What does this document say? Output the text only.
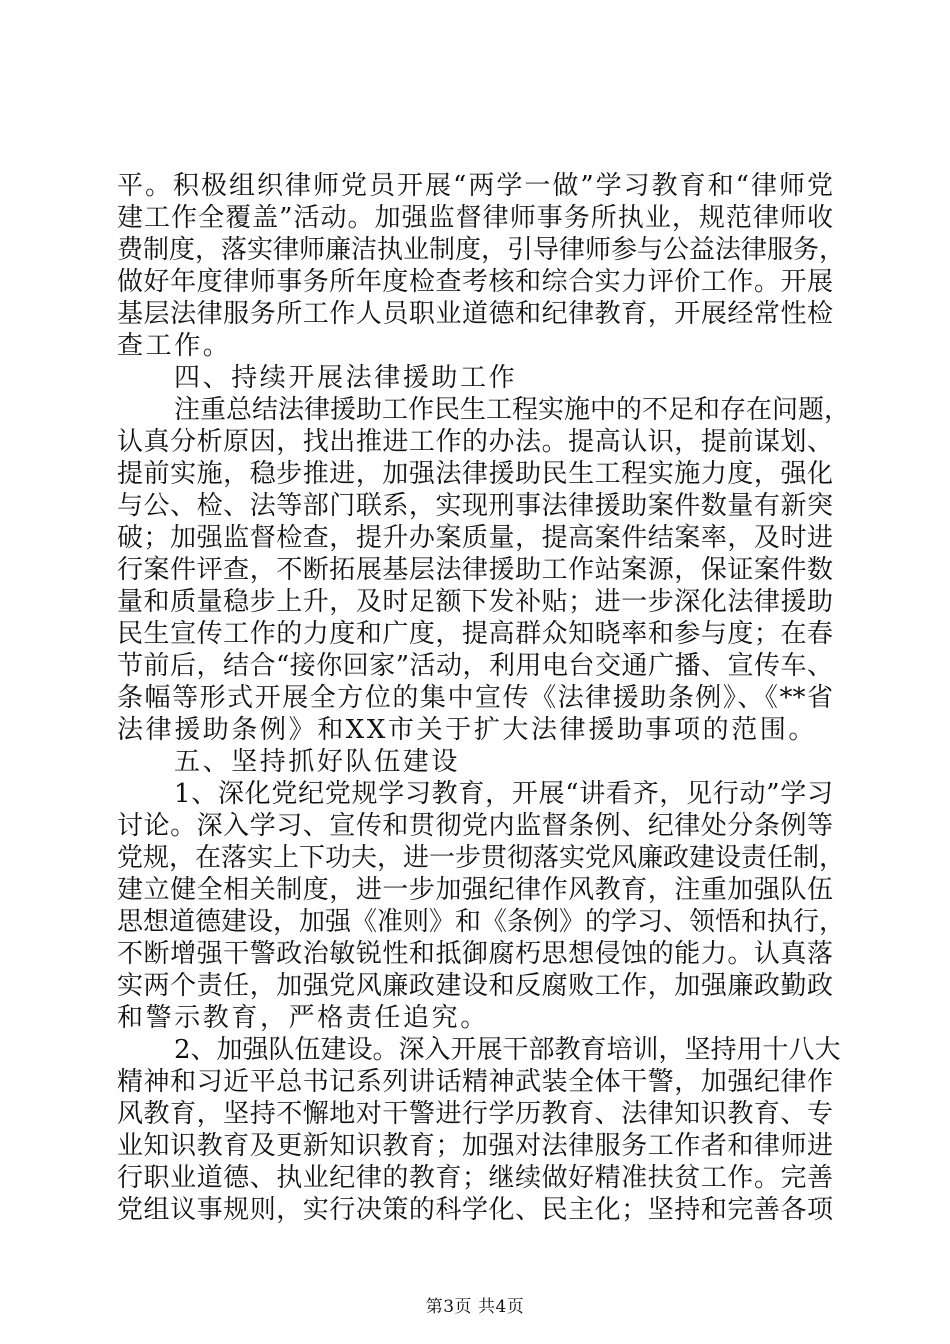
平。积极组织律师党员开展“两学一做”学习教育和“律师党
建工作全覆盖”活动。加强监督律师事务所执业，规范律师收
费制度，落实律师廉洁执业制度，引导律师参与公益法律服务，
做好年度律师事务所年度检查考核和综合实力评价工作。开展
基层法律服务所工作人员职业道德和纪律教育，开展经常性检
查工作。
四、持续开展法律援助工作
注重总结法律援助工作民生工程实施中的不足和存在问题，
认真分析原因，找出推进工作的办法。提高认识，提前谋划、
提前实施，稳步推进，加强法律援助民生工程实施力度，强化
与公、检、法等部门联系，实现刑事法律援助案件数量有新突
破；加强监督检查，提升办案质量，提高案件结案率，及时进
行案件评查，不断拓展基层法律援助工作站案源，保证案件数
量和质量稳步上升，及时足额下发补贴；进一步深化法律援助
民生宣传工作的力度和广度，提高群众知晓率和参与度；在春
节前后，结合“接你回家”活动，利用电台交通广播、宣传车、
条幅等形式开展全方位的集中宣传《法律援助条例》、《**省
法律援助条例》和XX市关于扩大法律援助事项的范围。
五、坚持抓好队伍建设
1、深化党纪党规学习教育，开展“讲看齐，见行动”学习
讨论。深入学习、宣传和贯彻党内监督条例、纪律处分条例等
党规，在落实上下功夫，进一步贯彻落实党风廉政建设责任制，
建立健全相关制度，进一步加强纪律作风教育，注重加强队伍
思想道德建设，加强《准则》和《条例》的学习、领悟和执行，
不断增强干警政治敏锐性和抵御腐朽思想侵蚀的能力。认真落
实两个责任，加强党风廉政建设和反腐败工作，加强廉政勤政
和警示教育，严格责任追究。
2、加强队伍建设。深入开展干部教育培训，坚持用十八大
精神和习近平总书记系列讲话精神武装全体干警，加强纪律作
风教育，坚持不懈地对干警进行学历教育、法律知识教育、专
业知识教育及更新知识教育；加强对法律服务工作者和律师进
行职业道德、执业纪律的教育；继续做好精准扶贫工作。完善
党组议事规则，实行决策的科学化、民主化；坚持和完善各项
第3页 共4页
